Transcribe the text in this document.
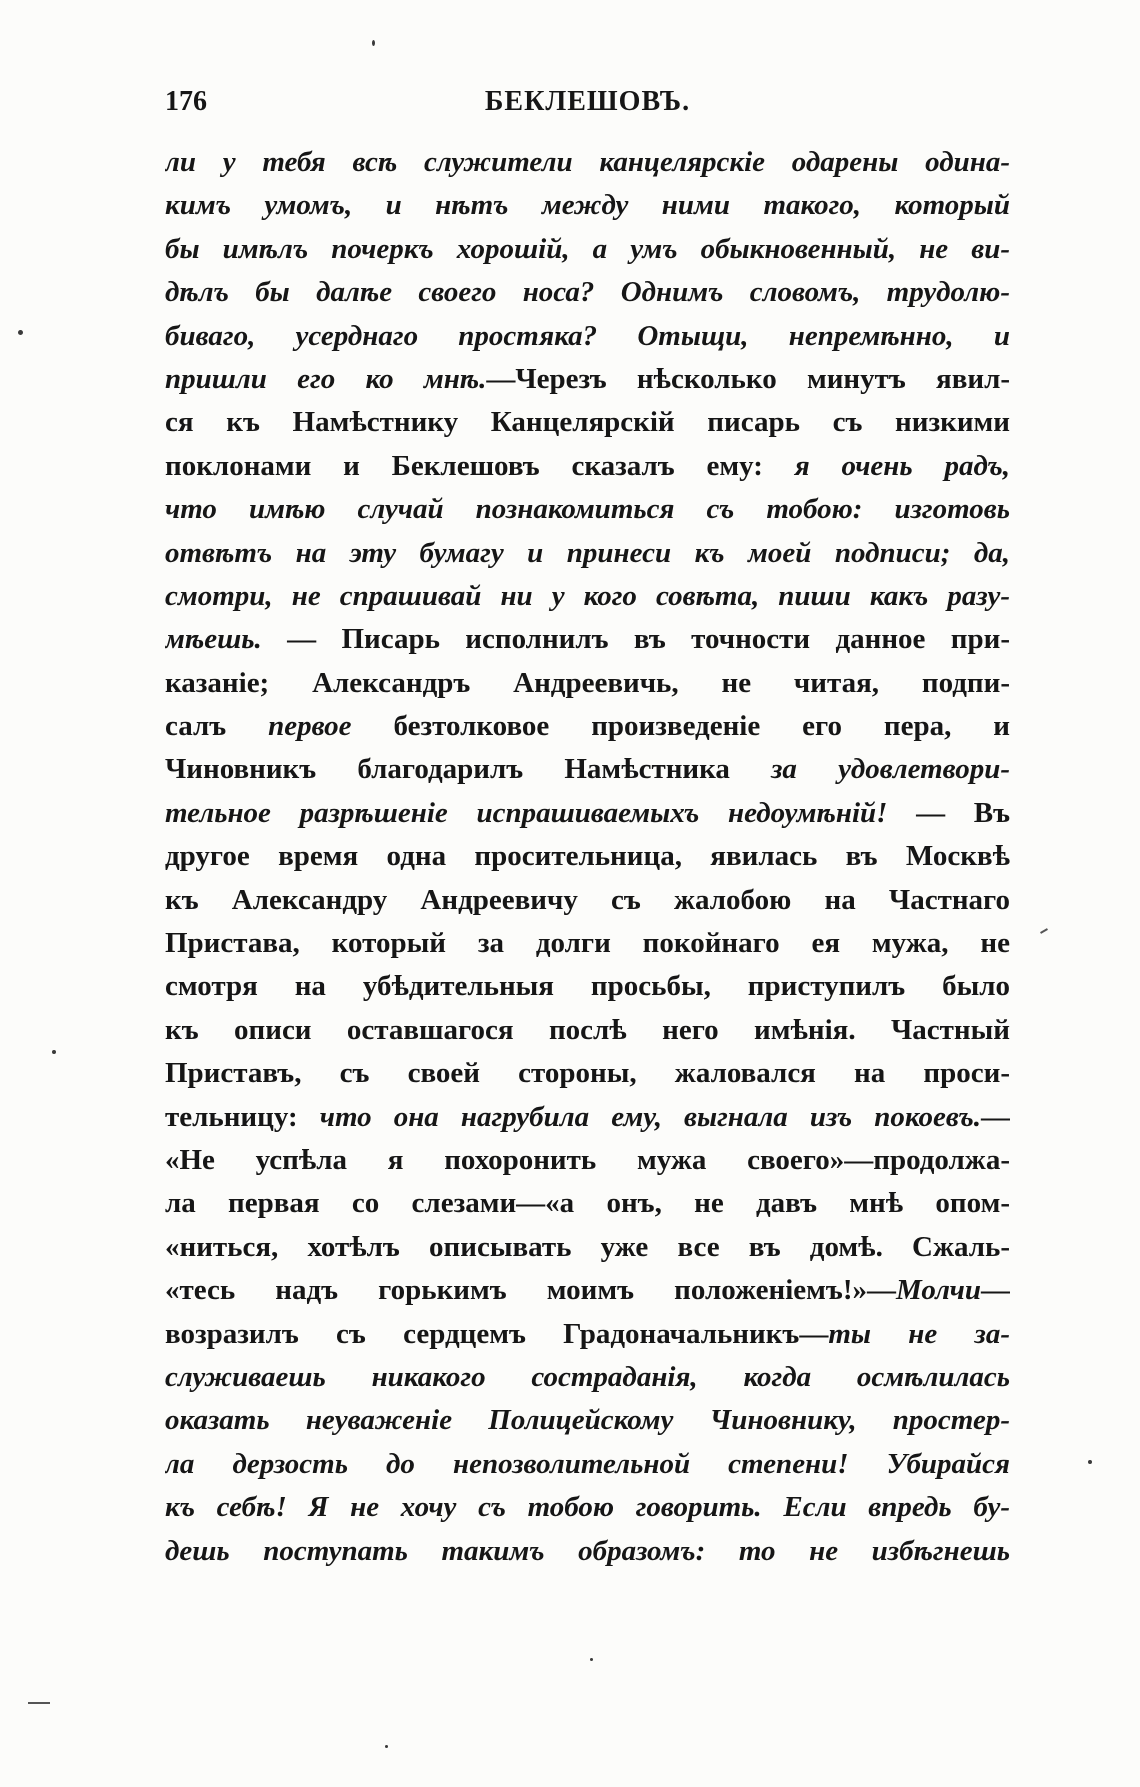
176	БЕКЛЕШОВЪ.
ли у тебя всѣ служители канцелярскіе одарены одина-
кимъ умомъ, и нѣтъ между ними такого, который
бы имѣлъ почеркъ хорошій, а умъ обыкновенный, не ви-
дѣлъ бы далѣе своего носа? Однимъ словомъ, трудолю-
биваго, усерднаго простяка? Отыщи, непремѣнно, и
пришли его ко мнѣ.—Черезъ нѣсколько минутъ явил-
ся къ Намѣстнику Канцелярскій писарь съ низкими
поклонами и Беклешовъ сказалъ ему: я очень радъ,
что имѣю случай познакомиться съ тобою: изготовь
отвѣтъ на эту бумагу и принеси къ моей подписи; да,
смотри, не спрашивай ни у кого совѣта, пиши какъ разу-
мѣешь. — Писарь исполнилъ въ точности данное при-
казаніе; Александръ Андреевичь, не читая, подпи-
салъ первое безтолковое произведеніе его пера, и
Чиновникъ благодарилъ Намѣстника за удовлетвори-
тельное разрѣшеніе испрашиваемыхъ недоумѣній! — Въ
другое время одна просительница, явилась въ Москвѣ
къ Александру Андреевичу съ жалобою на Частнаго
Пристава, который за долги покойнаго ея мужа, не
смотря на убѣдительныя просьбы, приступилъ было
къ описи оставшагося послѣ него имѣнія. Частный
Приставъ, съ своей стороны, жаловался на проси-
тельницу: что она нагрубила ему, выгнала изъ покоевъ.—
«Не успѣла я похоронить мужа своего»—продолжа-
ла первая со слезами—«а онъ, не давъ мнѣ опом-
«ниться, хотѣлъ описывать уже все въ домѣ. Сжаль-
«тесь надъ горькимъ моимъ положеніемъ!»—Молчи—
возразилъ съ сердцемъ Градоначальникъ—ты не за-
служиваешь никакого состраданія, когда осмѣлилась
оказать неуваженіе Полицейскому Чиновнику, простер-
ла дерзость до непозволительной степени! Убирайся
къ себѣ! Я не хочу съ тобою говорить. Если впредь бу-
дешь поступать такимъ образомъ: то не избѣгнешь
